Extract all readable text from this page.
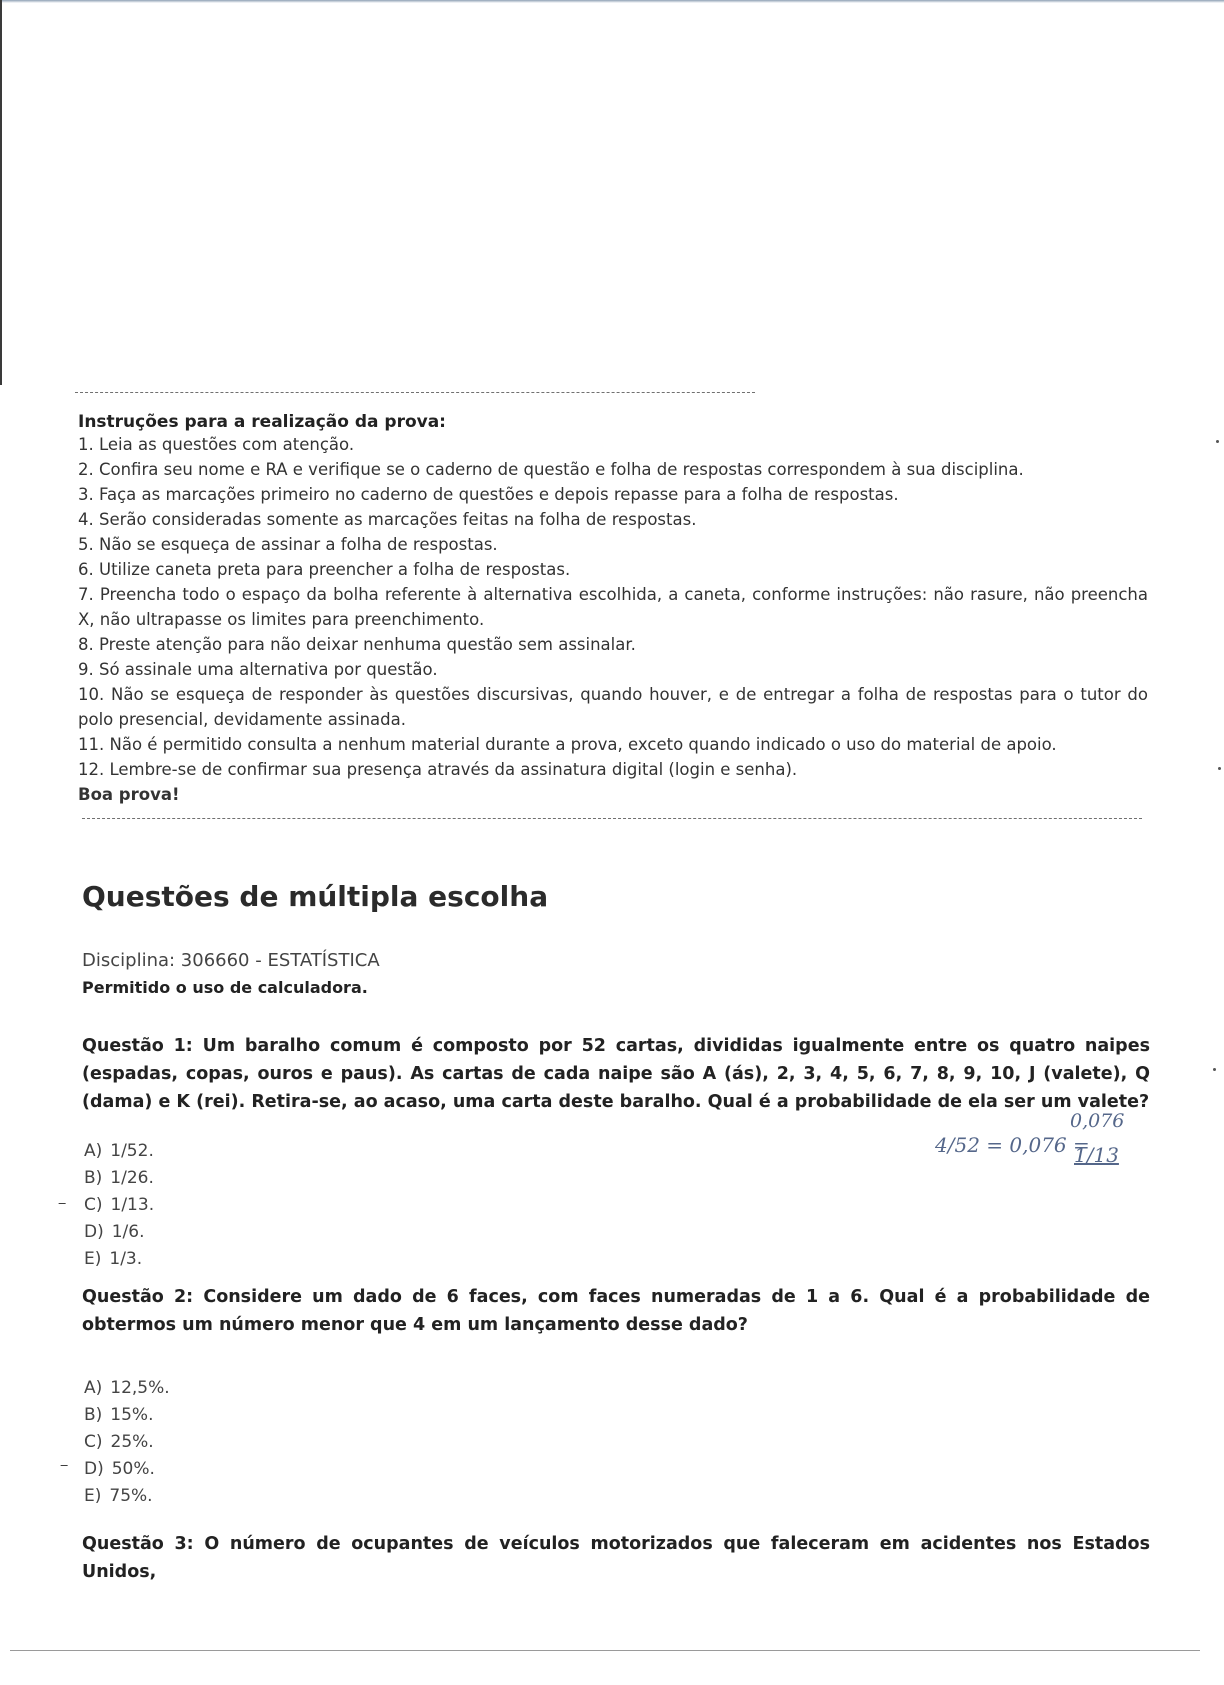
Instruções para a realização da prova:

1. Leia as questões com atenção.

2. Confira seu nome e RA e verifique se o caderno de questão e folha de respostas correspondem à sua disciplina.

3. Faça as marcações primeiro no caderno de questões e depois repasse para a folha de respostas.

4. Serão consideradas somente as marcações feitas na folha de respostas.

5. Não se esqueça de assinar a folha de respostas.

6. Utilize caneta preta para preencher a folha de respostas.

7. Preencha todo o espaço da bolha referente à alternativa escolhida, a caneta, conforme instruções: não rasure, não preencha X, não ultrapasse os limites para preenchimento.

8. Preste atenção para não deixar nenhuma questão sem assinalar.

9. Só assinale uma alternativa por questão.

10. Não se esqueça de responder às questões discursivas, quando houver, e de entregar a folha de respostas para o tutor do polo presencial, devidamente assinada.

11. Não é permitido consulta a nenhum material durante a prova, exceto quando indicado o uso do material de apoio.

12. Lembre-se de confirmar sua presença através da assinatura digital (login e senha).

Boa prova!

Questões de múltipla escolha
Disciplina: 306660 - ESTATÍSTICA
Permitido o uso de calculadora.
Questão 1: Um baralho comum é composto por 52 cartas, divididas igualmente entre os quatro naipes (espadas, copas, ouros e paus). As cartas de cada naipe são A (ás), 2, 3, 4, 5, 6, 7, 8, 9, 10, J (valete), Q (dama) e K (rei). Retira-se, ao acaso, uma carta deste baralho. Qual é a probabilidade de ela ser um valete?
A) 1/52.
B) 1/26.
C) 1/13.
D) 1/6.
E) 1/3.
‒
0,076
4/52 = 0,076 =
1/13
Questão 2: Considere um dado de 6 faces, com faces numeradas de 1 a 6. Qual é a probabilidade de obtermos um número menor que 4 em um lançamento desse dado?
A) 12,5%.
B) 15%.
C) 25%.
D) 50%.
E) 75%.
‒
Questão 3: O número de ocupantes de veículos motorizados que faleceram em acidentes nos Estados Unidos,
